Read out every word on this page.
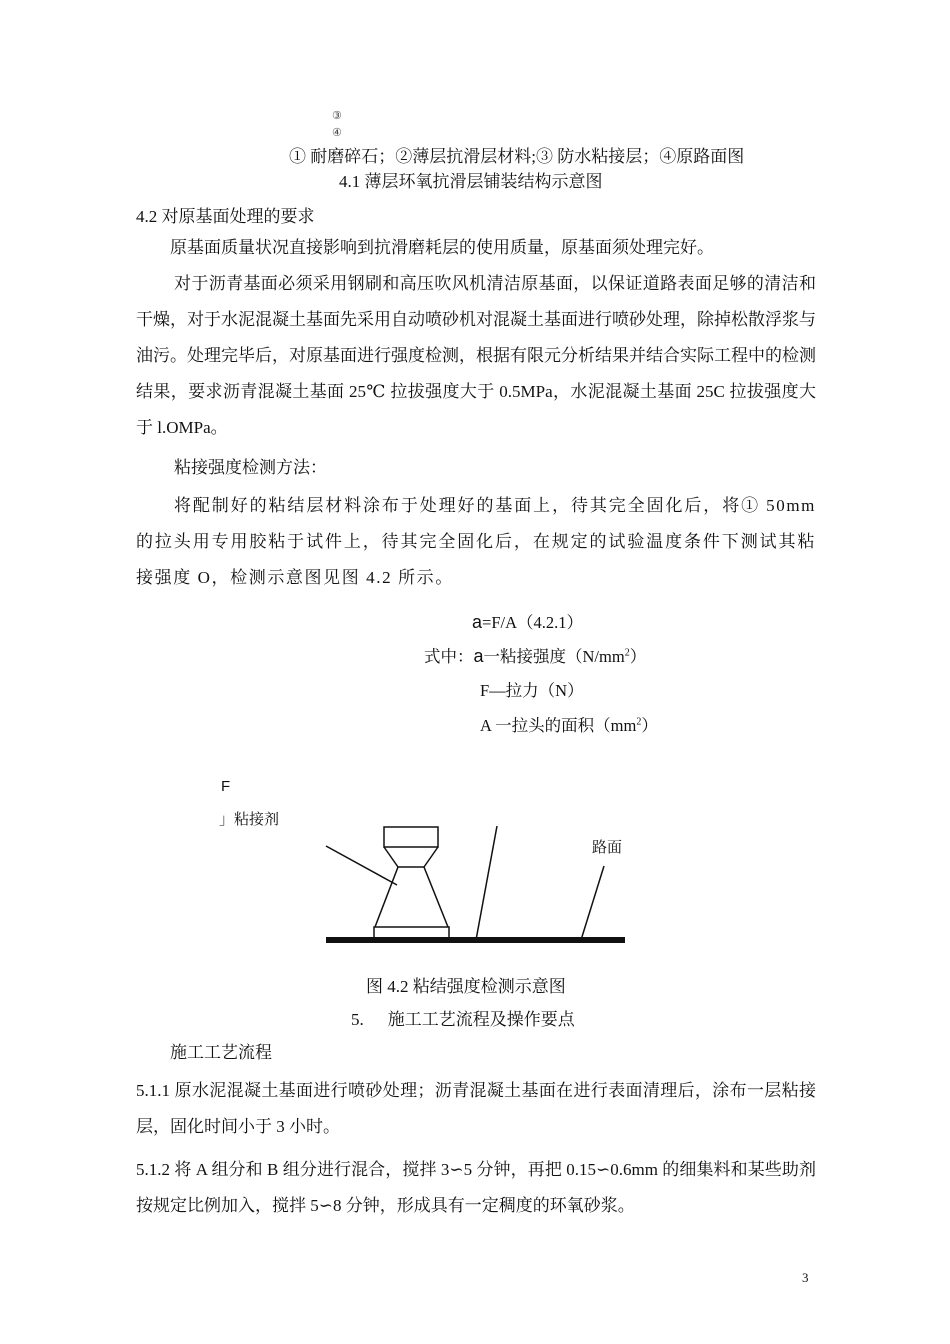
③
④
① 耐磨碎石；②薄层抗滑层材料;③ 防水粘接层；④原路面图
4.1 薄层环氧抗滑层铺装结构示意图
4.2 对原基面处理的要求
原基面质量状况直接影响到抗滑磨耗层的使用质量，原基面须处理完好。
对于沥青基面必须采用钢刷和高压吹风机清洁原基面，以保证道路表面足够的清洁和干燥，对于水泥混凝土基面先采用自动喷砂机对混凝土基面进行喷砂处理，除掉松散浮浆与油污。处理完毕后，对原基面进行强度检测，根据有限元分析结果并结合实际工程中的检测结果，要求沥青混凝土基面 25℃ 拉拔强度大于 0.5MPa，水泥混凝土基面 25C 拉拔强度大于 l.OMPa。
粘接强度检测方法：
将配制好的粘结层材料涂布于处理好的基面上，待其完全固化后，将① 50mm 的拉头用专用胶粘于试件上，待其完全固化后，在规定的试验温度条件下测试其粘接强度 O，检测示意图见图 4.2 所示。
a=F/A（4.2.1）
式中：a一粘接强度$(N/mm^2)$
F—拉力（N）
A 一拉头的面积$(mm^2)$
F
」粘接剂
路面
图 4.2 粘结强度检测示意图
5. 施工工艺流程及操作要点
施工工艺流程
5.1.1 原水泥混凝土基面进行喷砂处理；沥青混凝土基面在进行表面清理后，涂布一层粘接层，固化时间小于 3 小时。
5.1.2 将 A 组分和 B 组分进行混合，搅拌 3∽5 分钟，再把 0.15∽0.6mm 的细集料和某些助剂按规定比例加入，搅拌 5∽8 分钟，形成具有一定稠度的环氧砂浆。
3
